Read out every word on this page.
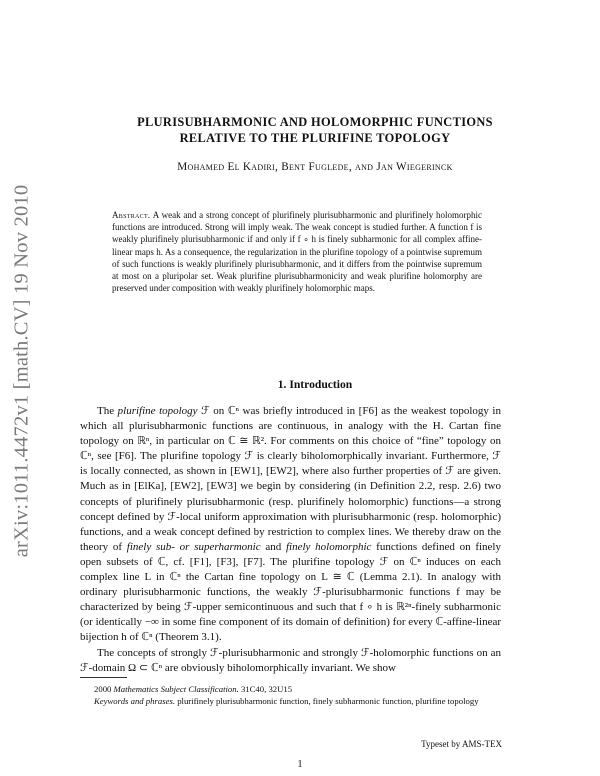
arXiv:1011.4472v1 [math.CV] 19 Nov 2010
PLURISUBHARMONIC AND HOLOMORPHIC FUNCTIONS
RELATIVE TO THE PLURIFINE TOPOLOGY
Mohamed El Kadiri, Bent Fuglede, and Jan Wiegerinck
Abstract. A weak and a strong concept of plurifinely plurisubharmonic and plurifinely holomorphic functions are introduced. Strong will imply weak. The weak concept is studied further. A function f is weakly plurifinely plurisubharmonic if and only if f ∘ h is finely subharmonic for all complex affine-linear maps h. As a consequence, the regularization in the plurifine topology of a pointwise supremum of such functions is weakly plurifinely plurisubharmonic, and it differs from the pointwise supremum at most on a pluripolar set. Weak plurifine plurisubharmonicity and weak plurifine holomorphy are preserved under composition with weakly plurifinely holomorphic maps.
1. Introduction

The plurifine topology ℱ on ℂⁿ was briefly introduced in [F6] as the weakest topology in which all plurisubharmonic functions are continuous, in analogy with the H. Cartan fine topology on ℝⁿ, in particular on ℂ ≅ ℝ². For comments on this choice of “fine” topology on ℂⁿ, see [F6]. The plurifine topology ℱ is clearly biholomorphically invariant. Furthermore, ℱ is locally connected, as shown in [EW1], [EW2], where also further properties of ℱ are given. Much as in [ElKa], [EW2], [EW3] we begin by considering (in Definition 2.2, resp. 2.6) two concepts of plurifinely plurisubharmonic (resp. plurifinely holomorphic) functions—a strong concept defined by ℱ-local uniform approximation with plurisubharmonic (resp. holomorphic) functions, and a weak concept defined by restriction to complex lines. We thereby draw on the theory of finely sub- or superharmonic and finely holomorphic functions defined on finely open subsets of ℂ, cf. [F1], [F3], [F7]. The plurifine topology ℱ on ℂⁿ induces on each complex line L in ℂⁿ the Cartan fine topology on L ≅ ℂ (Lemma 2.1). In analogy with ordinary plurisubharmonic functions, the weakly ℱ-plurisubharmonic functions f may be characterized by being ℱ-upper semicontinuous and such that f ∘ h is ℝ²ⁿ-finely subharmonic (or identically −∞ in some fine component of its domain of definition) for every ℂ-affine-linear bijection h of ℂⁿ (Theorem 3.1).

The concepts of strongly ℱ-plurisubharmonic and strongly ℱ-holomorphic functions on an ℱ-domain Ω ⊂ ℂⁿ are obviously biholomorphically invariant. We show

2000 Mathematics Subject Classification. 31C40, 32U15

Keywords and phrases. plurifinely plurisubharmonic function, finely subharmonic function, plurifine topology

Typeset by AMS-TEX
1
